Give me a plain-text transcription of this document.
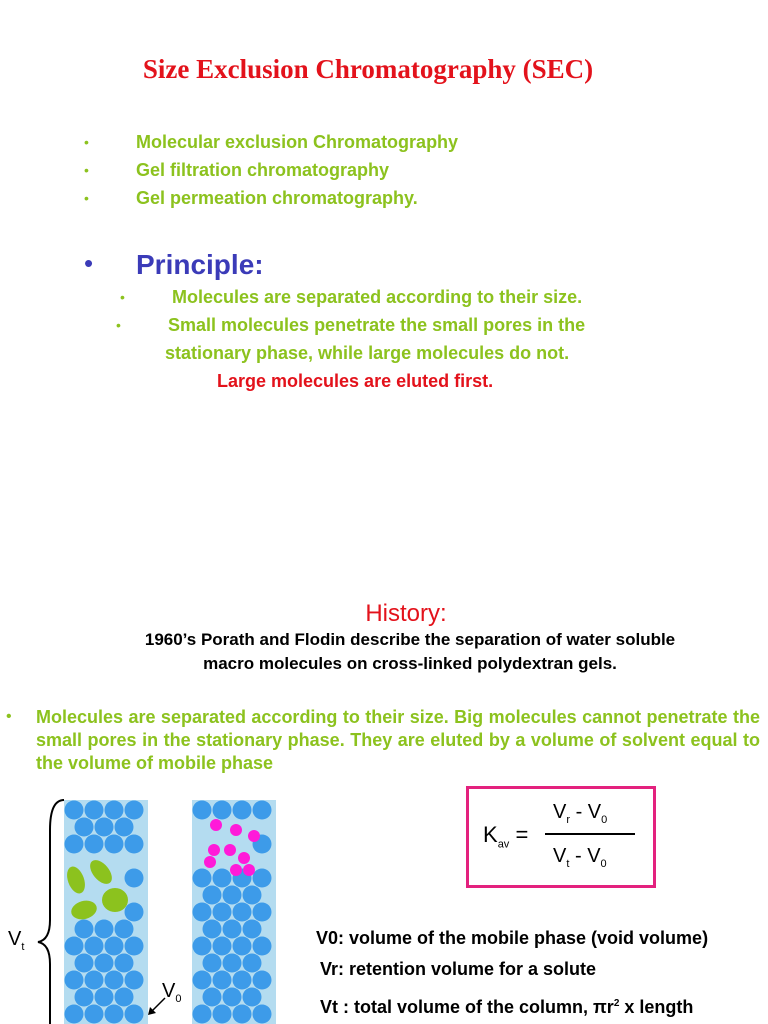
Size Exclusion Chromatography (SEC)
•	Molecular exclusion Chromatography
•	Gel filtration chromatography
•	Gel permeation chromatography.
• Principle:
•	Molecules are separated according to their size.
•	Small molecules penetrate the small pores in the
stationary phase, while large molecules do not.
Large molecules are eluted first.
History:
1960’s Porath and Flodin describe the separation of water soluble
macro molecules on cross-linked polydextran gels.
• Molecules are separated according to their size. Big molecules cannot penetrate the small pores in the stationary phase. They are eluted by a volume of solvent equal to the volume of mobile phase
$V_t$
$V_0$
$K_{av}$ =
$V_r - V_0$
$V_t - V_0$
V0: volume of the mobile phase (void volume)
Vr: retention volume for a solute
Vt : total volume of the column, $\pi r^2$ x length
